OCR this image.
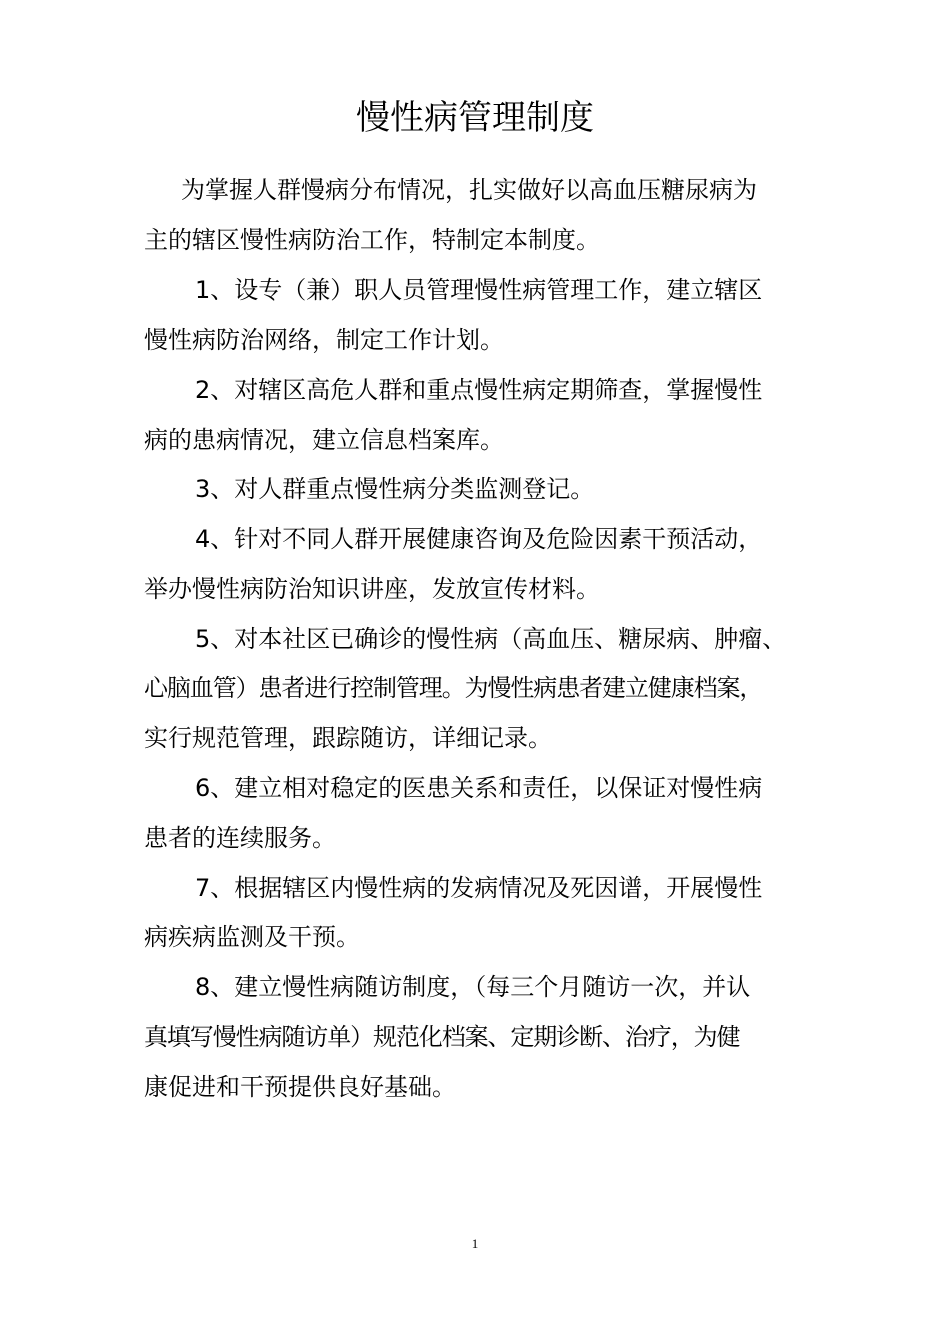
慢性病管理制度
为掌握人群慢病分布情况，扎实做好以高血压糖尿病为
主的辖区慢性病防治工作，特制定本制度。
1、设专（兼）职人员管理慢性病管理工作，建立辖区
慢性病防治网络，制定工作计划。
2、对辖区高危人群和重点慢性病定期筛查，掌握慢性
病的患病情况，建立信息档案库。
3、对人群重点慢性病分类监测登记。
4、针对不同人群开展健康咨询及危险因素干预活动，
举办慢性病防治知识讲座，发放宣传材料。
5、对本社区已确诊的慢性病（高血压、糖尿病、肿瘤、
心脑血管）患者进行控制管理。为慢性病患者建立健康档案，
实行规范管理，跟踪随访，详细记录。
6、建立相对稳定的医患关系和责任，以保证对慢性病
患者的连续服务。
7、根据辖区内慢性病的发病情况及死因谱，开展慢性
病疾病监测及干预。
8、建立慢性病随访制度，（每三个月随访一次，并认
真填写慢性病随访单）规范化档案、定期诊断、治疗，为健
康促进和干预提供良好基础。
1
